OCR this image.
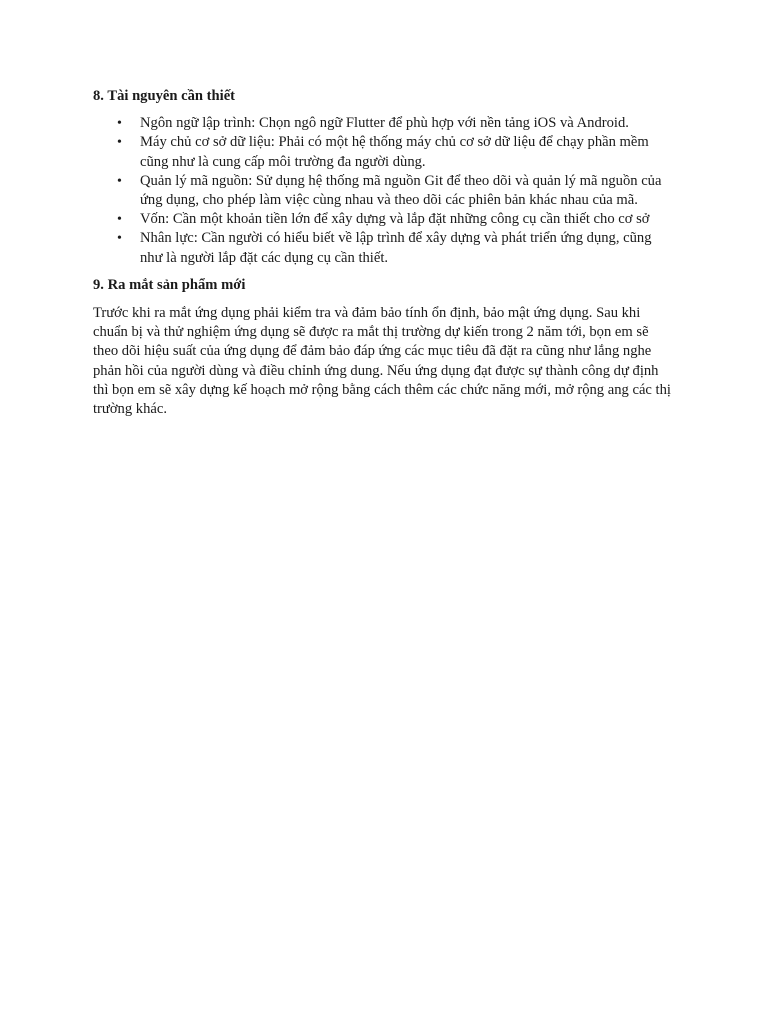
8. Tài nguyên cần thiết
• Ngôn ngữ lập trình: Chọn ngô ngữ Flutter để phù hợp với nền tảng iOS và Android.
• Máy chủ cơ sở dữ liệu: Phải có một hệ thống máy chủ cơ sở dữ liệu để chạy phần mềm cũng như là cung cấp môi trường đa người dùng.
• Quản lý mã nguồn: Sử dụng hệ thống mã nguồn Git để theo dõi và quản lý mã nguồn của ứng dụng, cho phép làm việc cùng nhau và theo dõi các phiên bản khác nhau của mã.
• Vốn: Cần một khoản tiền lớn để xây dựng và lắp đặt những công cụ cần thiết cho cơ sở
• Nhân lực: Cần người có hiểu biết về lập trình để xây dựng và phát triển ứng dụng, cũng như là người lắp đặt các dụng cụ cần thiết.
9. Ra mắt sản phẩm mới

Trước khi ra mắt ứng dụng phải kiểm tra và đảm bảo tính ổn định, bảo mật ứng dụng. Sau khi chuẩn bị và thử nghiệm ứng dụng sẽ được ra mắt thị trường dự kiến trong 2 năm tới, bọn em sẽ theo dõi hiệu suất của ứng dụng để đảm bảo đáp ứng các mục tiêu đã đặt ra cũng như lắng nghe phản hồi của người dùng và điều chỉnh ứng dung. Nếu ứng dụng đạt được sự thành công dự định thì bọn em sẽ xây dựng kế hoạch mở rộng bằng cách thêm các chức năng mới, mở rộng ang các thị trường khác.
